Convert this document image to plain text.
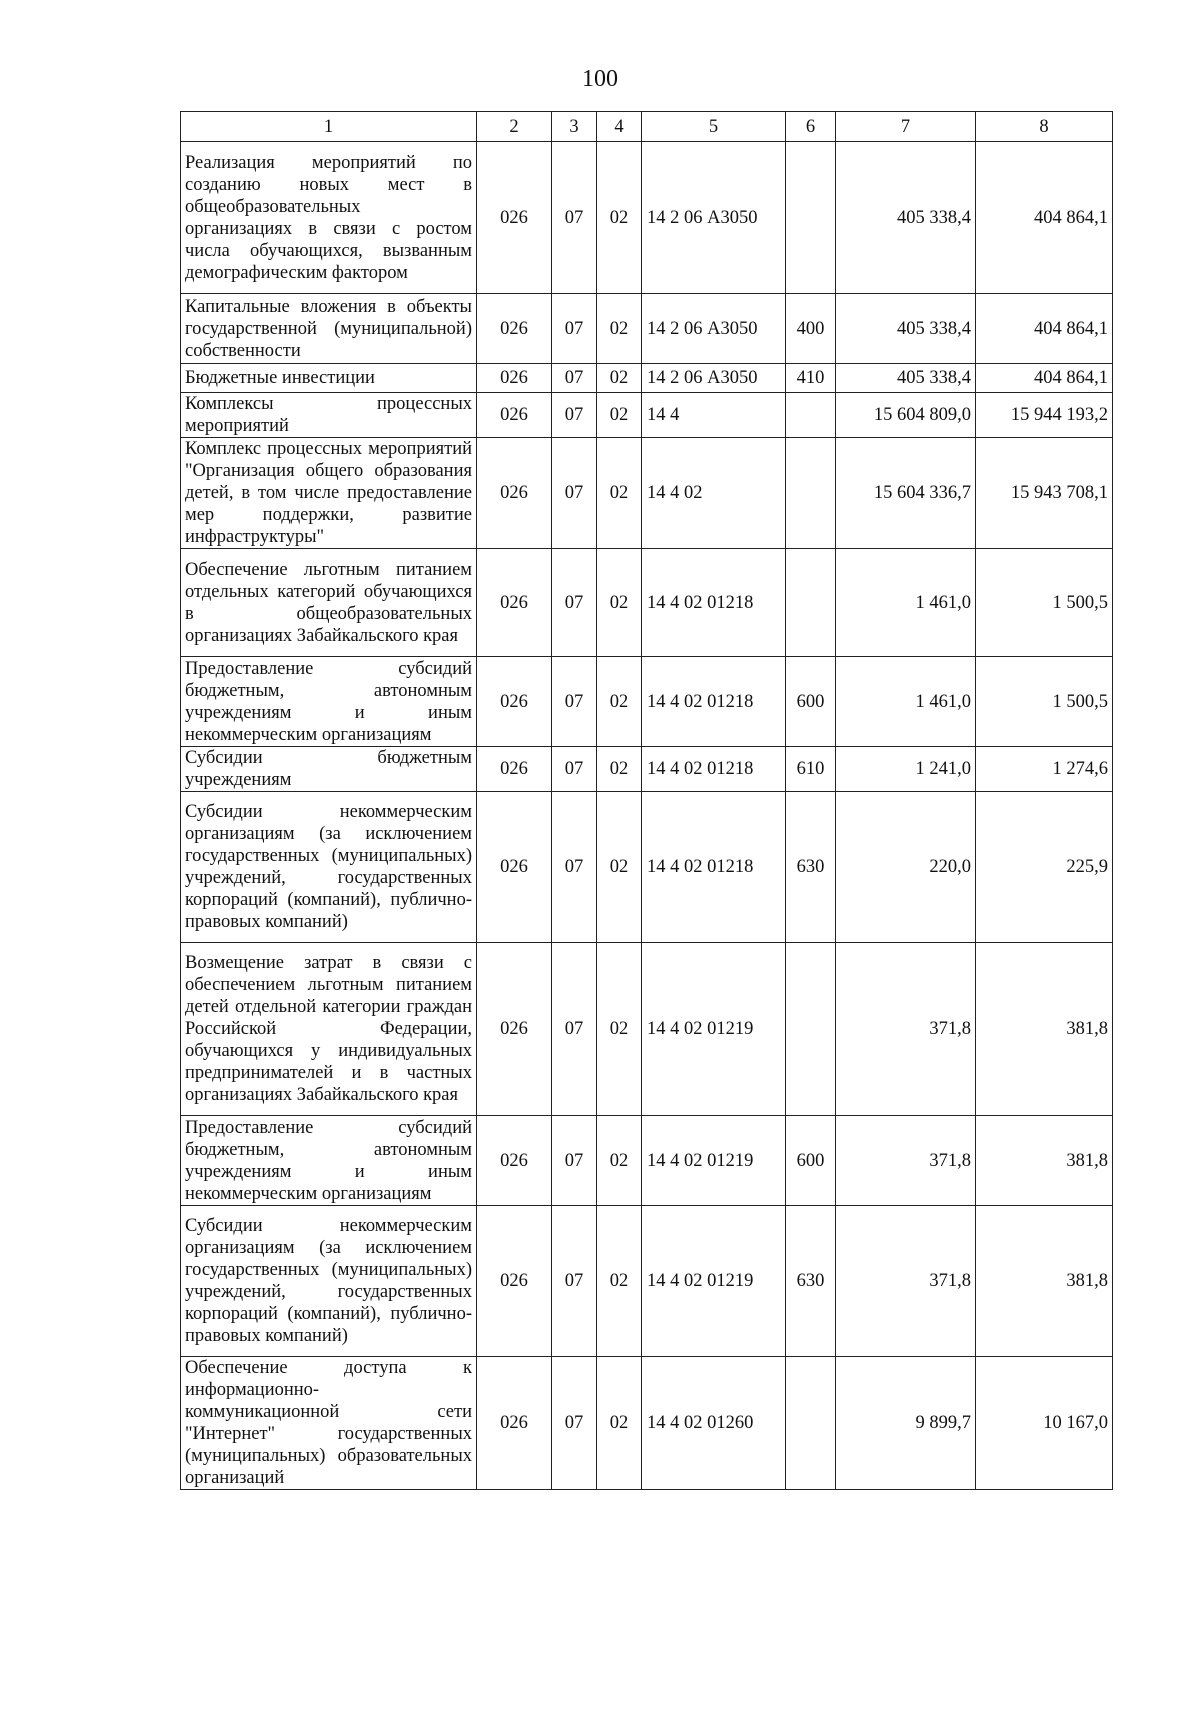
100
1	2	3	4	5	6	7	8
Реализация мероприятий по созданию новых мест в общеобразовательных организациях в связи с ростом числа обучающихся, вызванным демографическим фактором	026	07	02	14 2 06 А3050		405 338,4	404 864,1
Капитальные вложения в объекты государственной (муниципальной) собственности	026	07	02	14 2 06 А3050	400	405 338,4	404 864,1
Бюджетные инвестиции	026	07	02	14 2 06 А3050	410	405 338,4	404 864,1
Комплексы процессных мероприятий	026	07	02	14 4		15 604 809,0	15 944 193,2
Комплекс процессных мероприятий "Организация общего образования детей, в том числе предоставление мер поддержки, развитие инфраструктуры"	026	07	02	14 4 02		15 604 336,7	15 943 708,1
Обеспечение льготным питанием отдельных категорий обучающихся в общеобразовательных организациях Забайкальского края	026	07	02	14 4 02 01218		1 461,0	1 500,5
Предоставление субсидий бюджетным, автономным учреждениям и иным некоммерческим организациям	026	07	02	14 4 02 01218	600	1 461,0	1 500,5
Субсидии бюджетным учреждениям	026	07	02	14 4 02 01218	610	1 241,0	1 274,6
Субсидии некоммерческим организациям (за исключением государственных (муниципальных) учреждений, государственных корпораций (компаний), публично-правовых компаний)	026	07	02	14 4 02 01218	630	220,0	225,9
Возмещение затрат в связи с обеспечением льготным питанием детей отдельной категории граждан Российской Федерации, обучающихся у индивидуальных предпринимателей и в частных организациях Забайкальского края	026	07	02	14 4 02 01219		371,8	381,8
Предоставление субсидий бюджетным, автономным учреждениям и иным некоммерческим организациям	026	07	02	14 4 02 01219	600	371,8	381,8
Субсидии некоммерческим организациям (за исключением государственных (муниципальных) учреждений, государственных корпораций (компаний), публично-правовых компаний)	026	07	02	14 4 02 01219	630	371,8	381,8
Обеспечение доступа к информационно-коммуникационной сети "Интернет" государственных (муниципальных) образовательных организаций	026	07	02	14 4 02 01260		9 899,7	10 167,0
